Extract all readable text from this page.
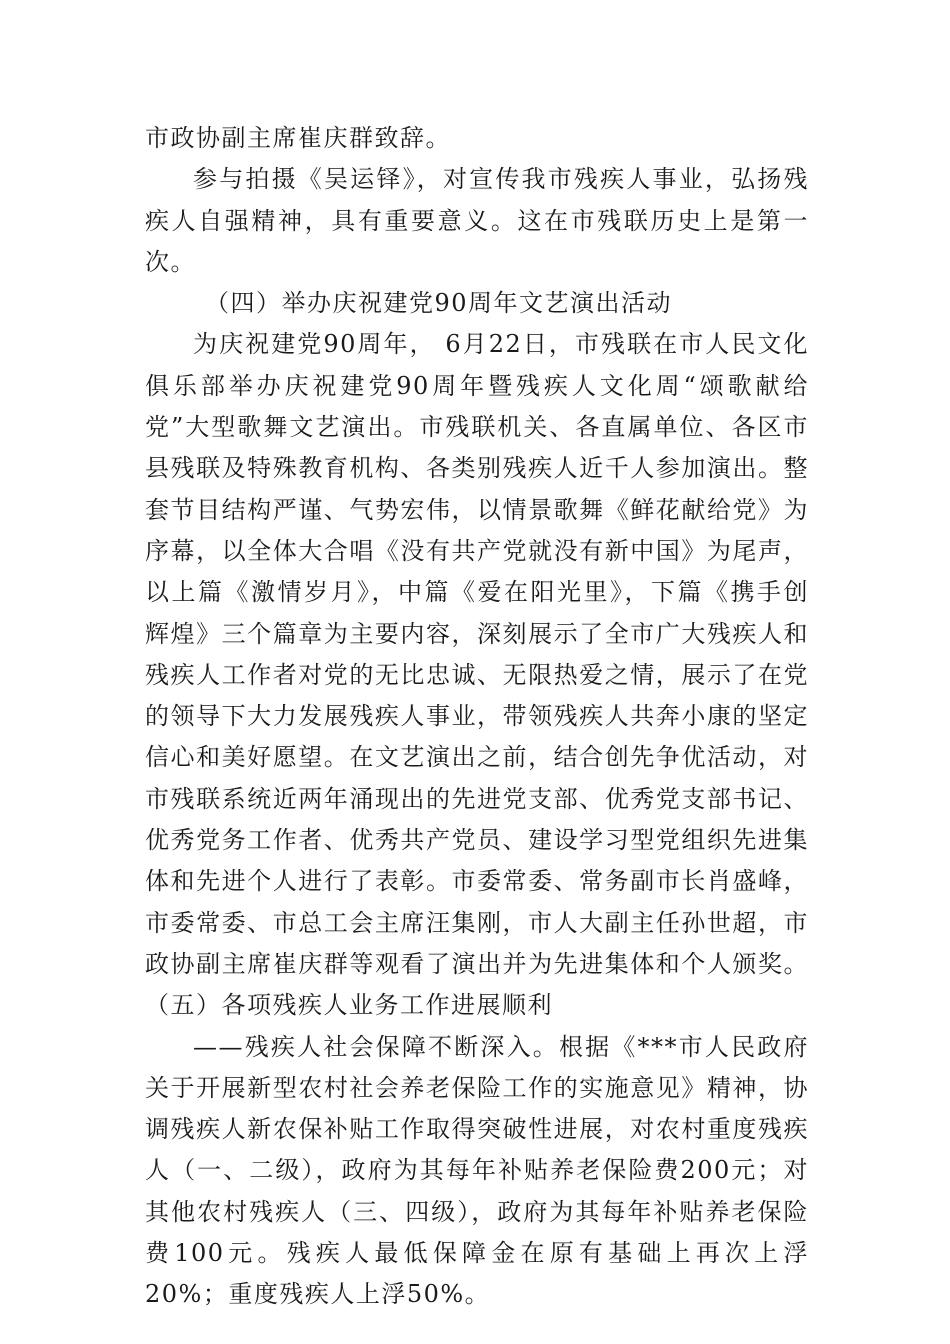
市政协副主席崔庆群致辞。

参与拍摄《吴运铎》，对宣传我市残疾人事业，弘扬残疾人自强精神，具有重要意义。这在市残联历史上是第一次。

（四）举办庆祝建党90周年文艺演出活动

为庆祝建党90周年， 6月22日，市残联在市人民文化俱乐部举办庆祝建党90周年暨残疾人文化周“颂歌献给党”大型歌舞文艺演出。市残联机关、各直属单位、各区市县残联及特殊教育机构、各类别残疾人近千人参加演出。整套节目结构严谨、气势宏伟，以情景歌舞《鲜花献给党》为序幕，以全体大合唱《没有共产党就没有新中国》为尾声，以上篇《激情岁月》，中篇《爱在阳光里》，下篇《携手创辉煌》三个篇章为主要内容，深刻展示了全市广大残疾人和残疾人工作者对党的无比忠诚、无限热爱之情，展示了在党的领导下大力发展残疾人事业，带领残疾人共奔小康的坚定信心和美好愿望。在文艺演出之前，结合创先争优活动，对市残联系统近两年涌现出的先进党支部、优秀党支部书记、优秀党务工作者、优秀共产党员、建设学习型党组织先进集体和先进个人进行了表彰。市委常委、常务副市长肖盛峰，市委常委、市总工会主席汪集刚，市人大副主任孙世超，市政协副主席崔庆群等观看了演出并为先进集体和个人颁奖。 （五）各项残疾人业务工作进展顺利

——残疾人社会保障不断深入。根据《***市人民政府关于开展新型农村社会养老保险工作的实施意见》精神，协调残疾人新农保补贴工作取得突破性进展，对农村重度残疾人（一、二级），政府为其每年补贴养老保险费200元；对其他农村残疾人（三、四级），政府为其每年补贴养老保险费100元。残疾人最低保障金在原有基础上再次上浮20%；重度残疾人上浮50%。
